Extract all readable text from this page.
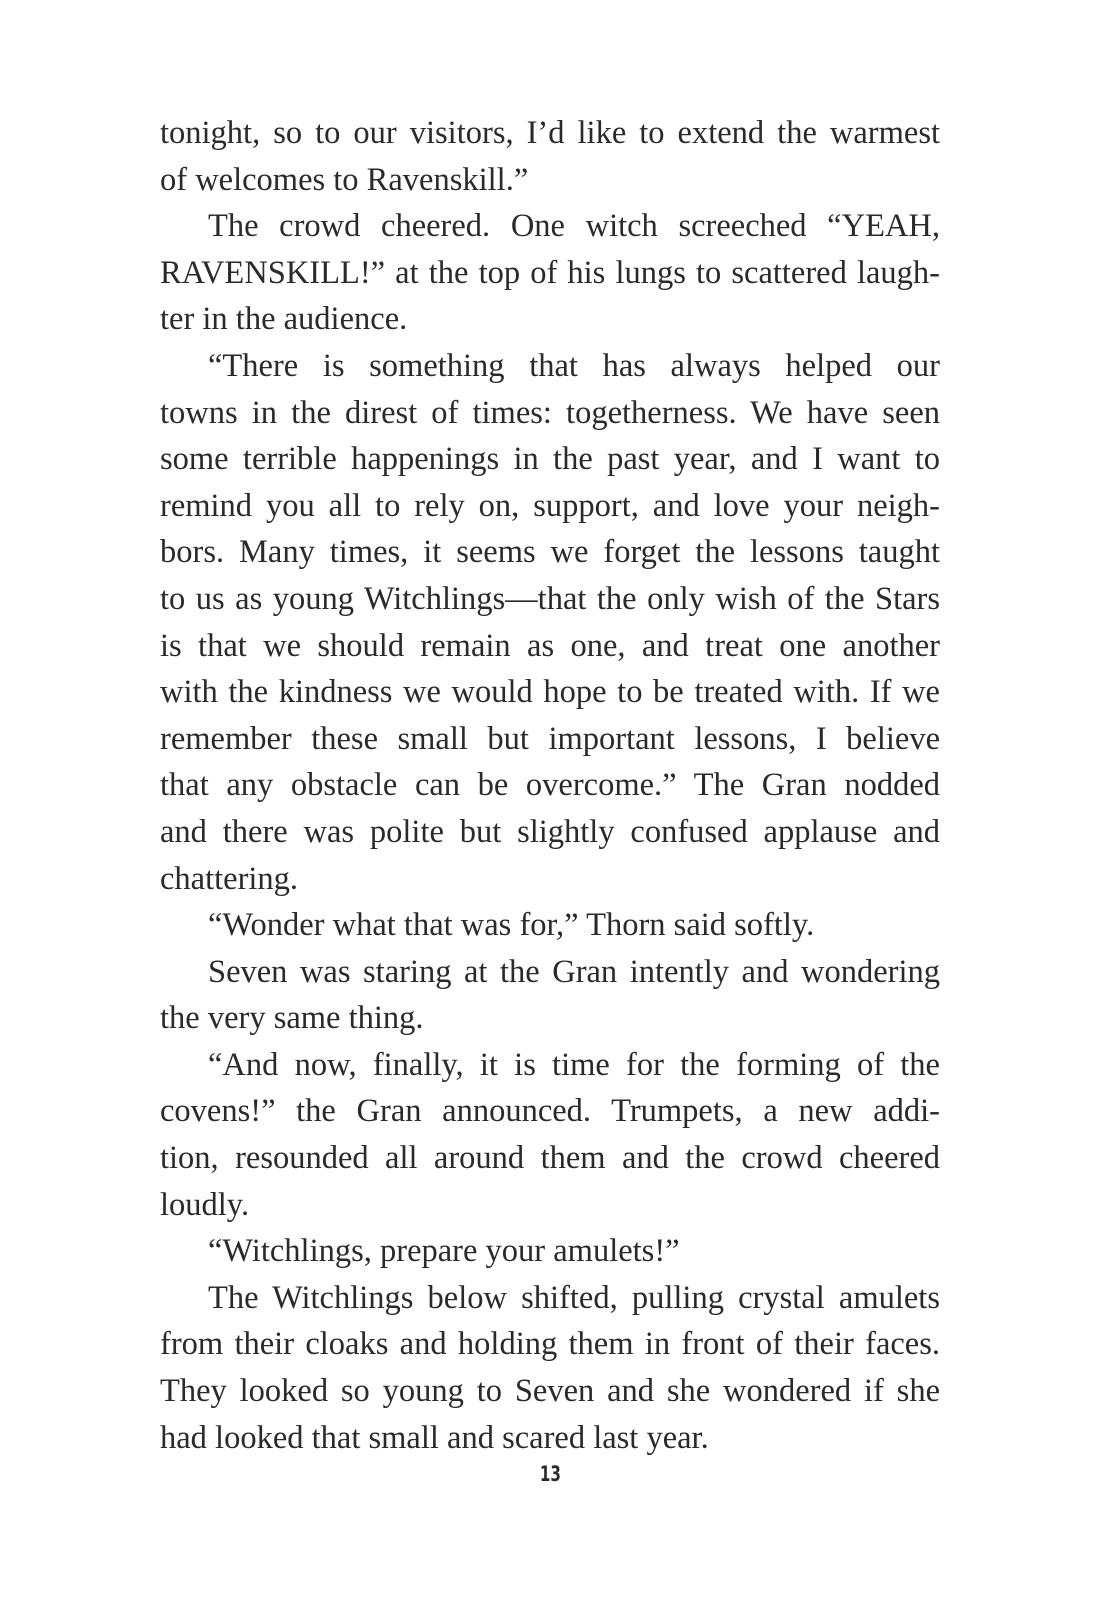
tonight, so to our visitors, I’d like to extend the warmest
of welcomes to Ravenskill.”
The crowd cheered. One witch screeched “YEAH,
RAVENSKILL!” at the top of his lungs to scattered laugh-
ter in the audience.
“There is something that has always helped our
towns in the direst of times: togetherness. We have seen
some terrible happenings in the past year, and I want to
remind you all to rely on, support, and love your neigh-
bors. Many times, it seems we forget the lessons taught
to us as young Witchlings—that the only wish of the Stars
is that we should remain as one, and treat one another
with the kindness we would hope to be treated with. If we
remember these small but important lessons, I believe
that any obstacle can be overcome.” The Gran nodded
and there was polite but slightly confused applause and
chattering.
“Wonder what that was for,” Thorn said softly.
Seven was staring at the Gran intently and wondering
the very same thing.
“And now, finally, it is time for the forming of the
covens!” the Gran announced. Trumpets, a new addi-
tion, resounded all around them and the crowd cheered
loudly.
“Witchlings, prepare your amulets!”
The Witchlings below shifted, pulling crystal amulets
from their cloaks and holding them in front of their faces.
They looked so young to Seven and she wondered if she
had looked that small and scared last year.
13
